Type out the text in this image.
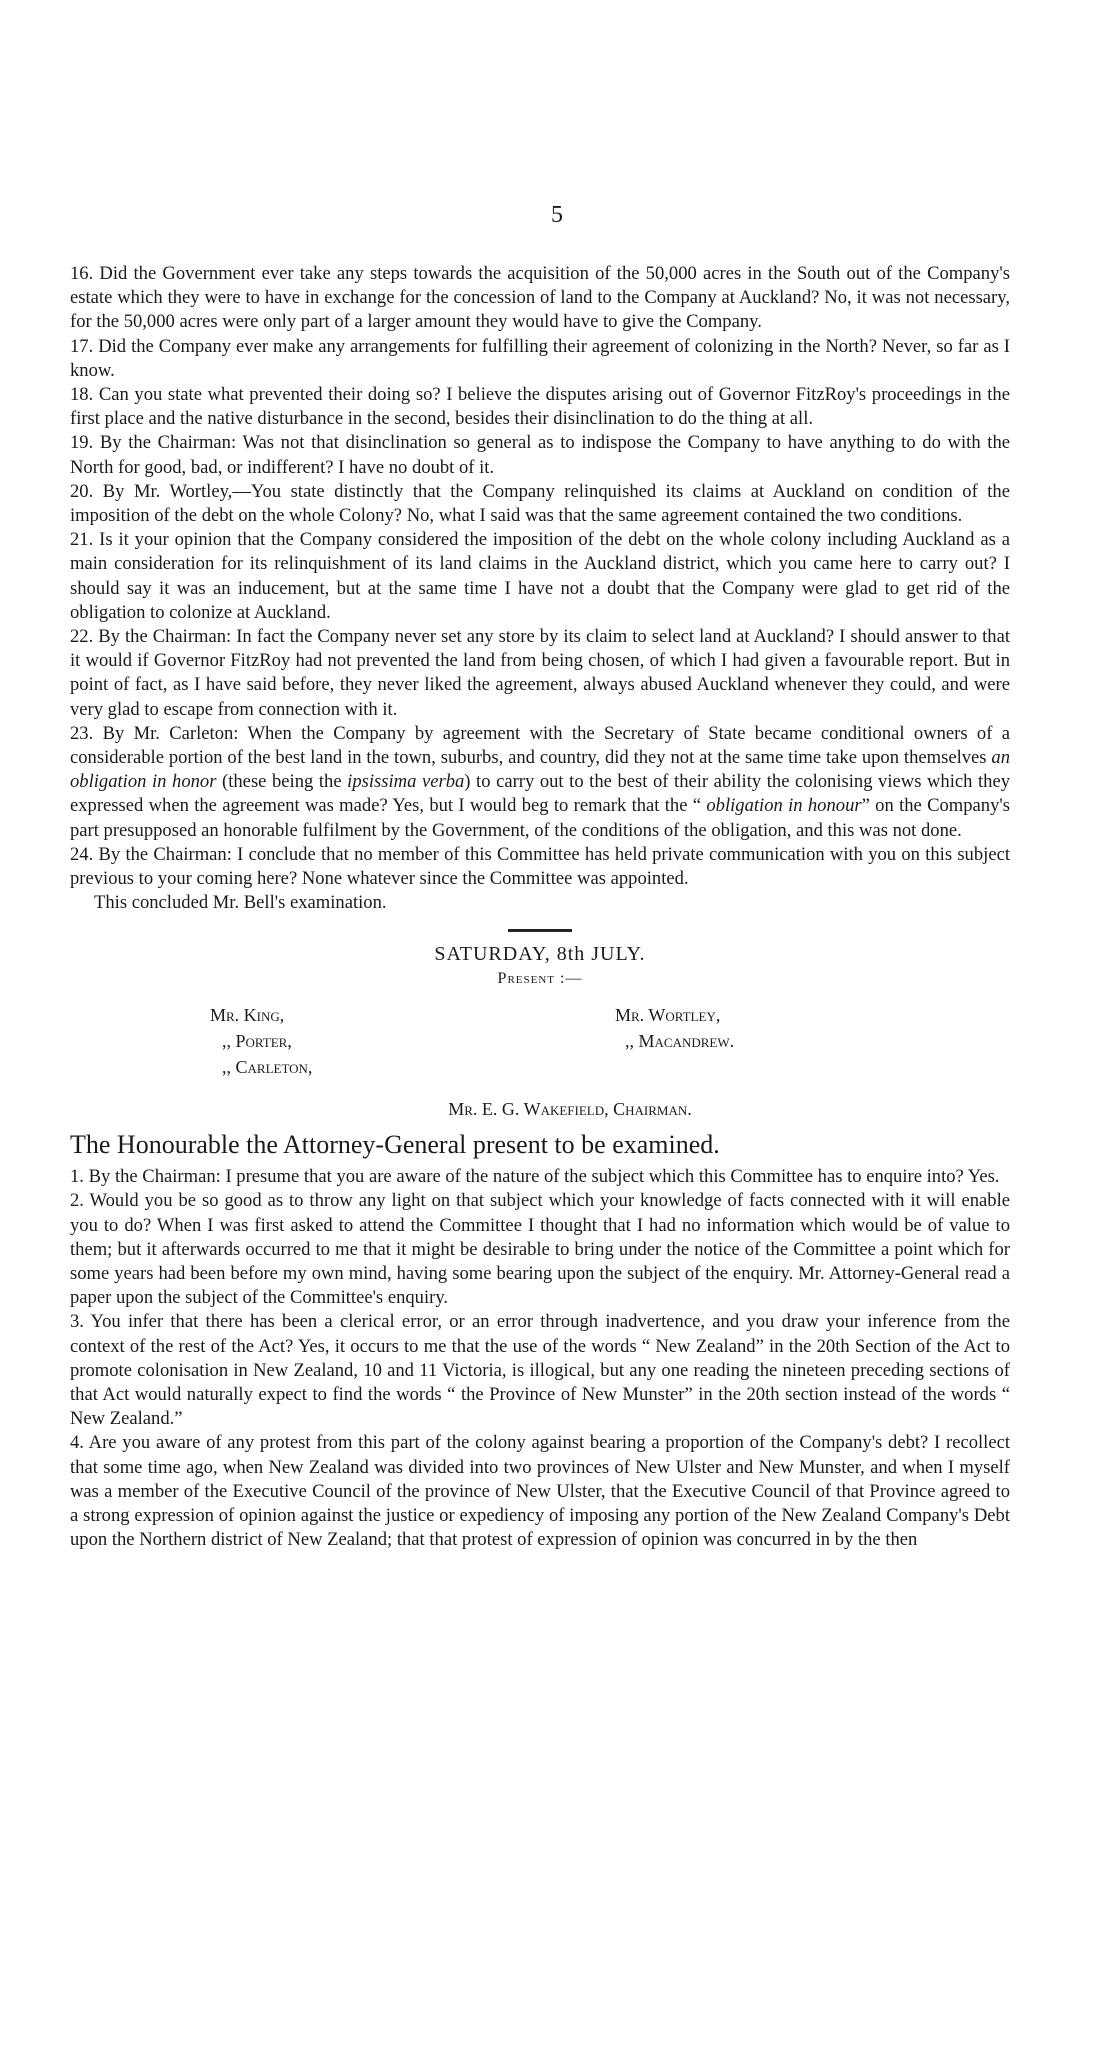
5

16. Did the Government ever take any steps towards the acquisition of the 50,000 acres in the South out of the Company's estate which they were to have in exchange for the concession of land to the Company at Auckland? No, it was not necessary, for the 50,000 acres were only part of a larger amount they would have to give the Company.

17. Did the Company ever make any arrangements for fulfilling their agreement of colonizing in the North? Never, so far as I know.

18. Can you state what prevented their doing so? I believe the disputes arising out of Governor FitzRoy's proceedings in the first place and the native disturbance in the second, besides their disinclination to do the thing at all.

19. By the Chairman: Was not that disinclination so general as to indispose the Company to have anything to do with the North for good, bad, or indifferent? I have no doubt of it.

20. By Mr. Wortley,—You state distinctly that the Company relinquished its claims at Auckland on condition of the imposition of the debt on the whole Colony? No, what I said was that the same agreement contained the two conditions.

21. Is it your opinion that the Company considered the imposition of the debt on the whole colony including Auckland as a main consideration for its relinquishment of its land claims in the Auckland district, which you came here to carry out? I should say it was an inducement, but at the same time I have not a doubt that the Company were glad to get rid of the obligation to colonize at Auckland.

22. By the Chairman: In fact the Company never set any store by its claim to select land at Auckland? I should answer to that it would if Governor FitzRoy had not prevented the land from being chosen, of which I had given a favourable report. But in point of fact, as I have said before, they never liked the agreement, always abused Auckland whenever they could, and were very glad to escape from connection with it.

23. By Mr. Carleton: When the Company by agreement with the Secretary of State became conditional owners of a considerable portion of the best land in the town, suburbs, and country, did they not at the same time take upon themselves an obligation in honor (these being the ipsissima verba) to carry out to the best of their ability the colonising views which they expressed when the agreement was made? Yes, but I would beg to remark that the “ obligation in honour” on the Company's part presupposed an honorable fulfilment by the Government, of the conditions of the obligation, and this was not done.

24. By the Chairman: I conclude that no member of this Committee has held private communication with you on this subject previous to your coming here? None whatever since the Committee was appointed.

This concluded Mr. Bell's examination.

SATURDAY, 8th JULY.
Present :—
Mr. King,
,, Porter,
,, Carleton,
Mr. Wortley,
,, Macandrew.
Mr. E. G. Wakefield, Chairman.
The Honourable the Attorney-General present to be examined.

1. By the Chairman: I presume that you are aware of the nature of the subject which this Committee has to enquire into? Yes.

2. Would you be so good as to throw any light on that subject which your knowledge of facts connected with it will enable you to do? When I was first asked to attend the Committee I thought that I had no information which would be of value to them; but it afterwards occurred to me that it might be desirable to bring under the notice of the Committee a point which for some years had been before my own mind, having some bearing upon the subject of the enquiry. Mr. Attorney-General read a paper upon the subject of the Committee's enquiry.

3. You infer that there has been a clerical error, or an error through inadvertence, and you draw your inference from the context of the rest of the Act? Yes, it occurs to me that the use of the words “ New Zealand” in the 20th Section of the Act to promote colonisation in New Zealand, 10 and 11 Victoria, is illogical, but any one reading the nineteen preceding sections of that Act would naturally expect to find the words “ the Province of New Munster” in the 20th section instead of the words “ New Zealand.”

4. Are you aware of any protest from this part of the colony against bearing a proportion of the Company's debt? I recollect that some time ago, when New Zealand was divided into two provinces of New Ulster and New Munster, and when I myself was a member of the Executive Council of the province of New Ulster, that the Executive Council of that Province agreed to a strong expression of opinion against the justice or expediency of imposing any portion of the New Zealand Company's Debt upon the Northern district of New Zealand; that that protest of expression of opinion was concurred in by the then
